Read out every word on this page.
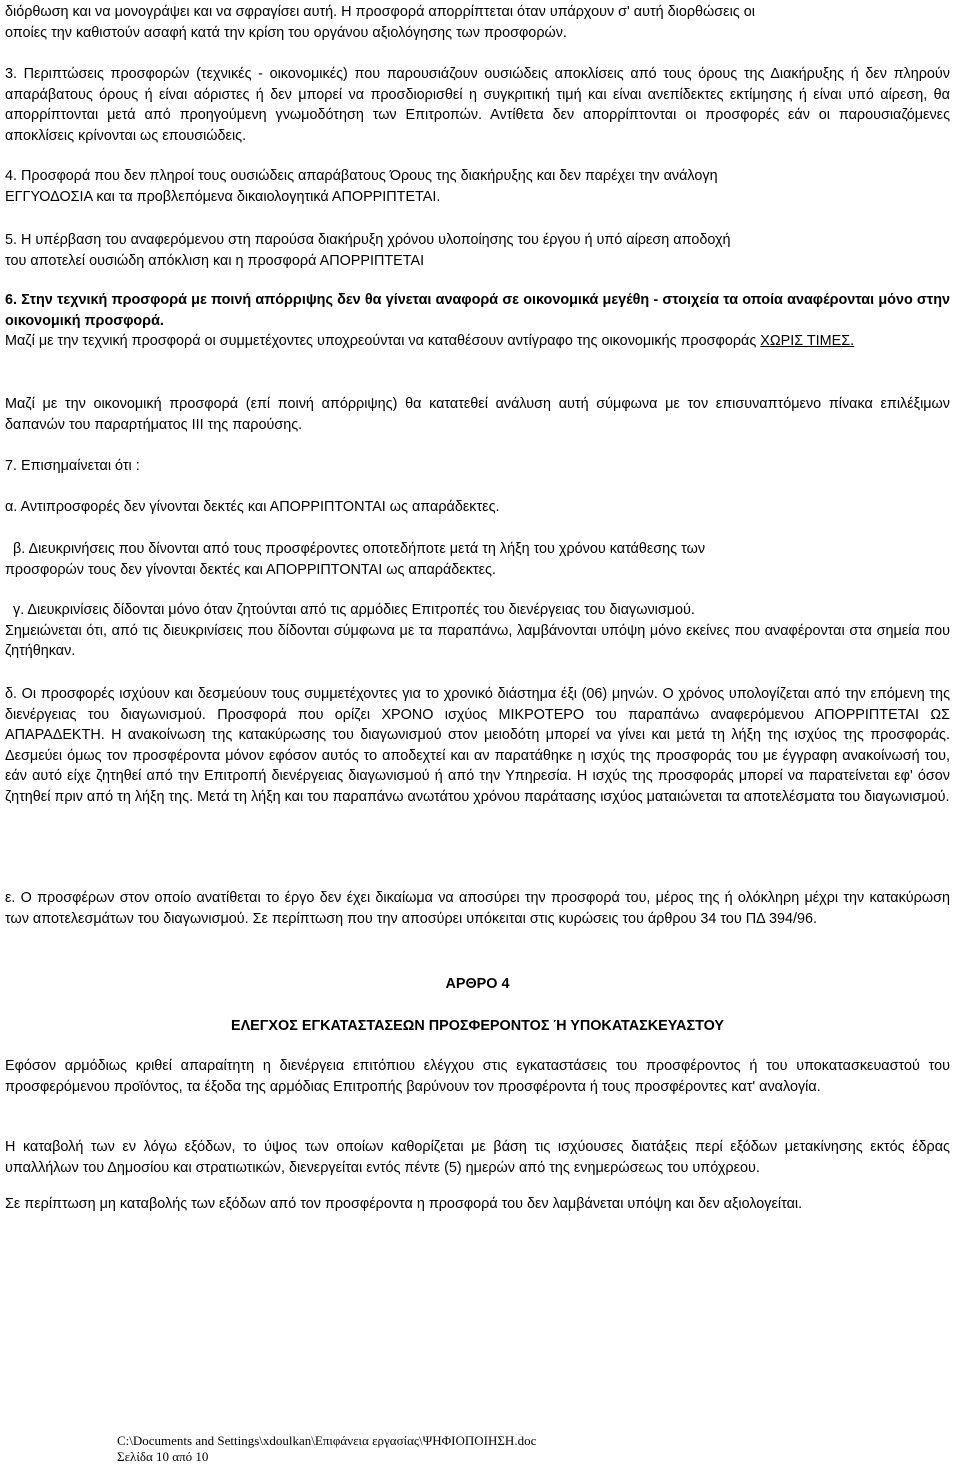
διόρθωση και να μονογράψει και να σφραγίσει αυτή. Η προσφορά απορρίπτεται όταν υπάρχουν σ' αυτή διορθώσεις οι

οποίες την καθιστούν ασαφή κατά την κρίση του οργάνου αξιολόγησης των προσφορών.

3. Περιπτώσεις προσφορών (τεχνικές - οικονομικές) που παρουσιάζουν ουσιώδεις αποκλίσεις από τους όρους της Διακήρυξης ή δεν πληρούν απαράβατους όρους ή είναι αόριστες ή δεν μπορεί να προσδιορισθεί η συγκριτική τιμή και είναι ανεπίδεκτες εκτίμησης ή είναι υπό αίρεση, θα απορρίπτονται μετά από προηγούμενη γνωμοδότηση των Επιτροπών. Αντίθετα δεν απορρίπτονται οι προσφορές εάν οι παρουσιαζόμενες αποκλίσεις κρίνονται ως επουσιώδεις.

4. Προσφορά που δεν πληροί τους ουσιώδεις απαράβατους Όρους της διακήρυξης και δεν παρέχει την ανάλογη

ΕΓΓΥΟΔΟΣΙΑ και τα προβλεπόμενα δικαιολογητικά ΑΠΟΡΡΙΠΤΕΤΑΙ.

5. Η υπέρβαση του αναφερόμενου στη παρούσα διακήρυξη χρόνου υλοποίησης του έργου ή υπό αίρεση αποδοχή

του αποτελεί ουσιώδη απόκλιση και η προσφορά ΑΠΟΡΡΙΠΤΕΤΑΙ

6. Στην τεχνική προσφορά με ποινή απόρριψης δεν θα γίνεται αναφορά σε οικονομικά μεγέθη - στοιχεία τα οποία αναφέρονται μόνο στην οικονομική προσφορά.

Μαζί με την τεχνική προσφορά οι συμμετέχοντες υποχρεούνται να καταθέσουν αντίγραφο της οικονομικής προσφοράς ΧΩΡΙΣ ΤΙΜΕΣ.

Μαζί με την οικονομική προσφορά (επί ποινή απόρριψης) θα κατατεθεί ανάλυση αυτή σύμφωνα με τον επισυναπτόμενο πίνακα επιλέξιμων δαπανών του παραρτήματος ΙΙΙ της παρούσης.

7. Επισημαίνεται ότι :

α. Αντιπροσφορές δεν γίνονται δεκτές και ΑΠΟΡΡΙΠΤΟΝΤΑΙ ως απαράδεκτες.

β. Διευκρινήσεις που δίνονται από τους προσφέροντες οποτεδήποτε μετά τη λήξη του χρόνου κατάθεσης των

προσφορών τους δεν γίνονται δεκτές και ΑΠΟΡΡΙΠΤΟΝΤΑΙ ως απαράδεκτες.

γ. Διευκρινίσεις δίδονται μόνο όταν ζητούνται από τις αρμόδιες Επιτροπές του διενέργειας του διαγωνισμού.

Σημειώνεται ότι, από τις διευκρινίσεις που δίδονται σύμφωνα με τα παραπάνω, λαμβάνονται υπόψη μόνο εκείνες που αναφέρονται στα σημεία που ζητήθηκαν.

δ. Οι προσφορές ισχύουν και δεσμεύουν τους συμμετέχοντες για το χρονικό διάστημα έξι (06) μηνών. Ο χρόνος υπολογίζεται από την επόμενη της διενέργειας του διαγωνισμού. Προσφορά που ορίζει ΧΡΟΝΟ ισχύος ΜΙΚΡΟΤΕΡΟ του παραπάνω αναφερόμενου ΑΠΟΡΡΙΠΤΕΤΑΙ ΩΣ ΑΠΑΡΑΔΕΚΤΗ. Η ανακοίνωση της κατακύρωσης του διαγωνισμού στον μειοδότη μπορεί να γίνει και μετά τη λήξη της ισχύος της προσφοράς. Δεσμεύει όμως τον προσφέροντα μόνον εφόσον αυτός το αποδεχτεί και αν παρατάθηκε η ισχύς της προσφοράς του με έγγραφη ανακοίνωσή του, εάν αυτό είχε ζητηθεί από την Επιτροπή διενέργειας διαγωνισμού ή από την Υπηρεσία. Η ισχύς της προσφοράς μπορεί να παρατείνεται εφ' όσον ζητηθεί πριν από τη λήξη της. Μετά τη λήξη και του παραπάνω ανωτάτου χρόνου παράτασης ισχύος ματαιώνεται τα αποτελέσματα του διαγωνισμού.

ε. Ο προσφέρων στον οποίο ανατίθεται το έργο δεν έχει δικαίωμα να αποσύρει την προσφορά του, μέρος της ή ολόκληρη μέχρι την κατακύρωση των αποτελεσμάτων του διαγωνισμού. Σε περίπτωση που την αποσύρει υπόκειται στις κυρώσεις του άρθρου 34 του ΠΔ 394/96.

ΑΡΘΡΟ 4

ΕΛΕΓΧΟΣ ΕΓΚΑΤΑΣΤΑΣΕΩΝ ΠΡΟΣΦΕΡΟΝΤΟΣ Ή ΥΠΟΚΑΤΑΣΚΕΥΑΣΤΟΥ

Εφόσον αρμόδιως κριθεί απαραίτητη η διενέργεια επιτόπιου ελέγχου στις εγκαταστάσεις του προσφέροντος ή του υποκατασκευαστού του προσφερόμενου προϊόντος, τα έξοδα της αρμόδιας Επιτροπής βαρύνουν τον προσφέροντα ή τους προσφέροντες κατ' αναλογία.

Η καταβολή των εν λόγω εξόδων, το ύψος των οποίων καθορίζεται με βάση τις ισχύουσες διατάξεις περί εξόδων μετακίνησης εκτός έδρας υπαλλήλων του Δημοσίου και στρατιωτικών, διενεργείται εντός πέντε (5) ημερών από της ενημερώσεως του υπόχρεου.

Σε περίπτωση μη καταβολής των εξόδων από τον προσφέροντα η προσφορά του δεν λαμβάνεται υπόψη και δεν αξιολογείται.

C:\Documents and Settings\xdoulkan\Επιφάνεια εργασίας\ΨΗΦΙΟΠΟΙΗΣΗ.doc
Σελίδα 10 από 10
